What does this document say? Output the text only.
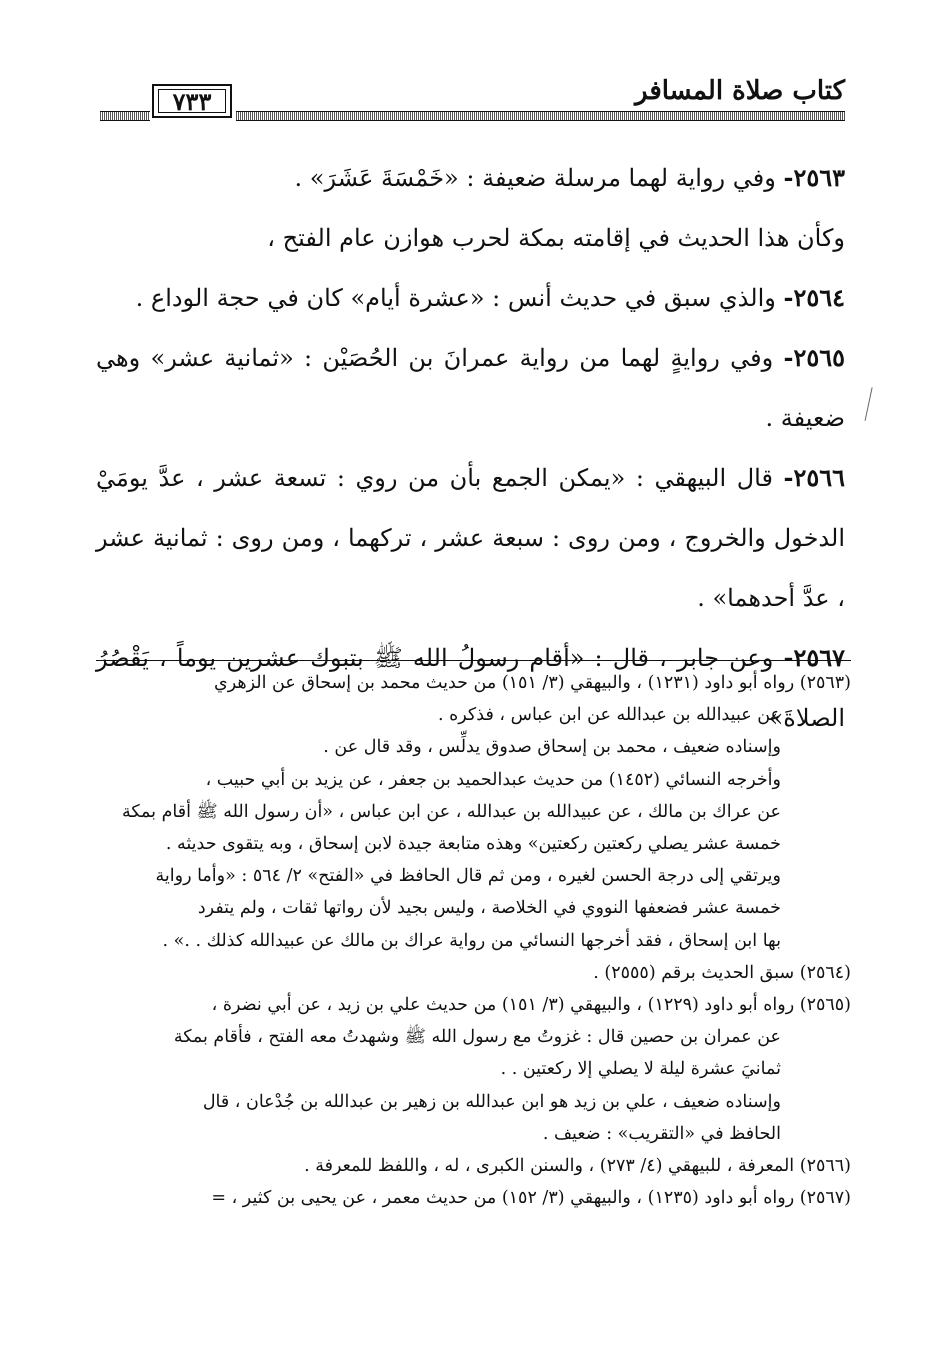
كتاب صلاة المسافر
٧٣٣

٢٥٦٣- وفي رواية لهما مرسلة ضعيفة : «خَمْسَةَ عَشَرَ» .

وكأن هذا الحديث في إقامته بمكة لحرب هوازن عام الفتح ،

٢٥٦٤- والذي سبق في حديث أنس : «عشرة أيام» كان في حجة الوداع .

٢٥٦٥- وفي روايةٍ لهما من رواية عمرانَ بن الحُصَيْن : «ثمانية عشر» وهي ضعيفة .

٢٥٦٦- قال البيهقي : «يمكن الجمع بأن من روي : تسعة عشر ، عدَّ يومَيْ الدخول والخروج ، ومن روى : سبعة عشر ، تركهما ، ومن روى : ثمانية عشر ، عدَّ أحدهما» .

٢٥٦٧- وعن جابر ، قال : «أقام رسولُ الله ﷺ بتبوك عشرين يوماً ، يَقْصُرُ الصلاةَ»

(٢٥٦٣) رواه أبو داود (١٢٣١) ، والبيهقي (٣/ ١٥١) من حديث محمد بن إسحاق عن الزهري
عن عبيدالله بن عبدالله عن ابن عباس ، فذكره .
وإسناده ضعيف ، محمد بن إسحاق صدوق يدلِّس ، وقد قال عن .
وأخرجه النسائي (١٤٥٢) من حديث عبدالحميد بن جعفر ، عن يزيد بن أبي حبيب ،
عن عراك بن مالك ، عن عبيدالله بن عبدالله ، عن ابن عباس ، «أن رسول الله ﷺ أقام بمكة
خمسة عشر يصلي ركعتين ركعتين» وهذه متابعة جيدة لابن إسحاق ، وبه يتقوى حديثه .
ويرتقي إلى درجة الحسن لغيره ، ومن ثم قال الحافظ في «الفتح» ٢/ ٥٦٤ : «وأما رواية
خمسة عشر فضعفها النووي في الخلاصة ، وليس بجيد لأن رواتها ثقات ، ولم يتفرد
بها ابن إسحاق ، فقد أخرجها النسائي من رواية عراك بن مالك عن عبيدالله كذلك . .» .

(٢٥٦٤) سبق الحديث برقم (٢٥٥٥) .

(٢٥٦٥) رواه أبو داود (١٢٢٩) ، والبيهقي (٣/ ١٥١) من حديث علي بن زيد ، عن أبي نضرة ،
عن عمران بن حصين قال : غزوتُ مع رسول الله ﷺ وشهدتُ معه الفتح ، فأقام بمكة
ثمانيَ عشرة ليلة لا يصلي إلا ركعتين . .
وإسناده ضعيف ، علي بن زيد هو ابن عبدالله بن زهير بن عبدالله بن جُدْعان ، قال
الحافظ في «التقريب» : ضعيف .

(٢٥٦٦) المعرفة ، للبيهقي (٤/ ٢٧٣) ، والسنن الكبرى ، له ، واللفظ للمعرفة .

(٢٥٦٧) رواه أبو داود (١٢٣٥) ، والبيهقي (٣/ ١٥٢) من حديث معمر ، عن يحيى بن كثير ، =
